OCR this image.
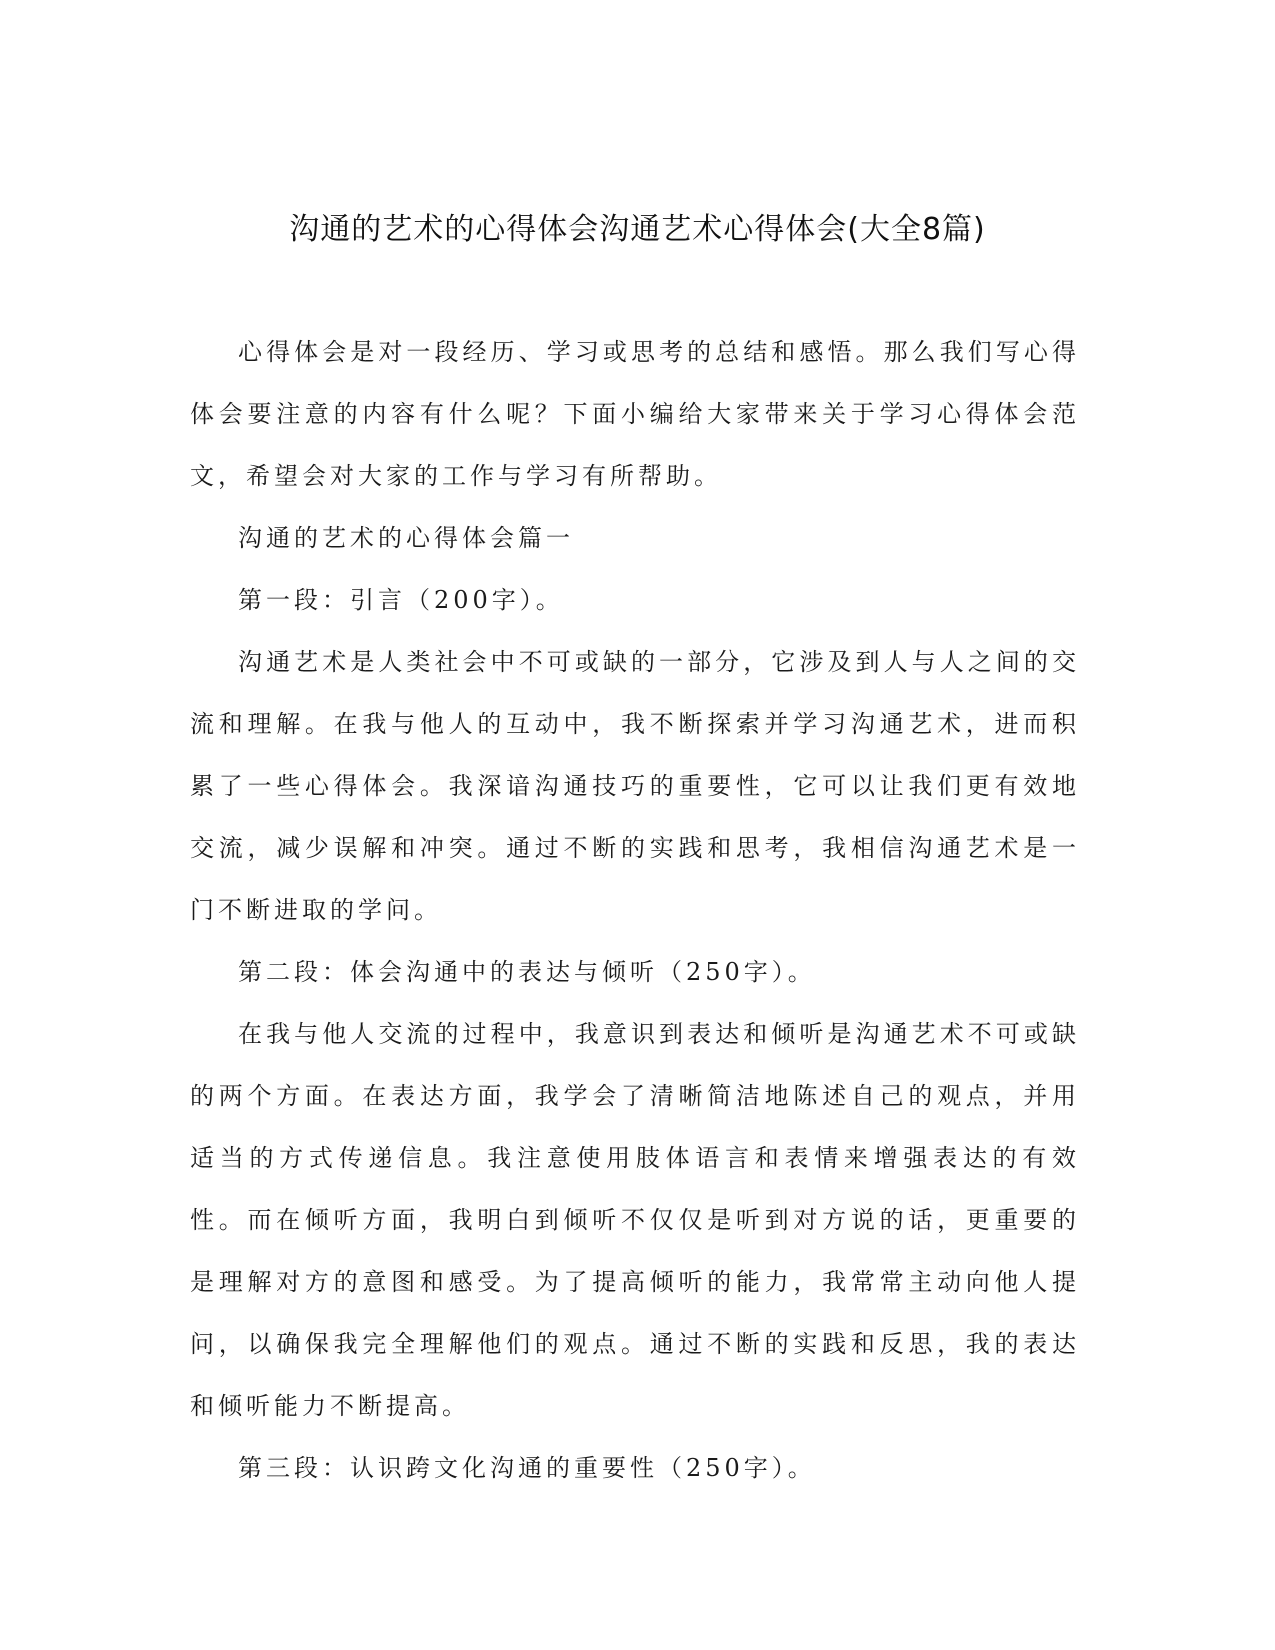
沟通的艺术的心得体会沟通艺术心得体会(大全8篇)

心得体会是对一段经历、学习或思考的总结和感悟。那么我们写心得体会要注意的内容有什么呢？下面小编给大家带来关于学习心得体会范文，希望会对大家的工作与学习有所帮助。

沟通的艺术的心得体会篇一

第一段：引言（200字）。

沟通艺术是人类社会中不可或缺的一部分，它涉及到人与人之间的交流和理解。在我与他人的互动中，我不断探索并学习沟通艺术，进而积累了一些心得体会。我深谙沟通技巧的重要性，它可以让我们更有效地交流，减少误解和冲突。通过不断的实践和思考，我相信沟通艺术是一门不断进取的学问。

第二段：体会沟通中的表达与倾听（250字）。

在我与他人交流的过程中，我意识到表达和倾听是沟通艺术不可或缺的两个方面。在表达方面，我学会了清晰简洁地陈述自己的观点，并用适当的方式传递信息。我注意使用肢体语言和表情来增强表达的有效性。而在倾听方面，我明白到倾听不仅仅是听到对方说的话，更重要的是理解对方的意图和感受。为了提高倾听的能力，我常常主动向他人提问，以确保我完全理解他们的观点。通过不断的实践和反思，我的表达和倾听能力不断提高。

第三段：认识跨文化沟通的重要性（250字）。
